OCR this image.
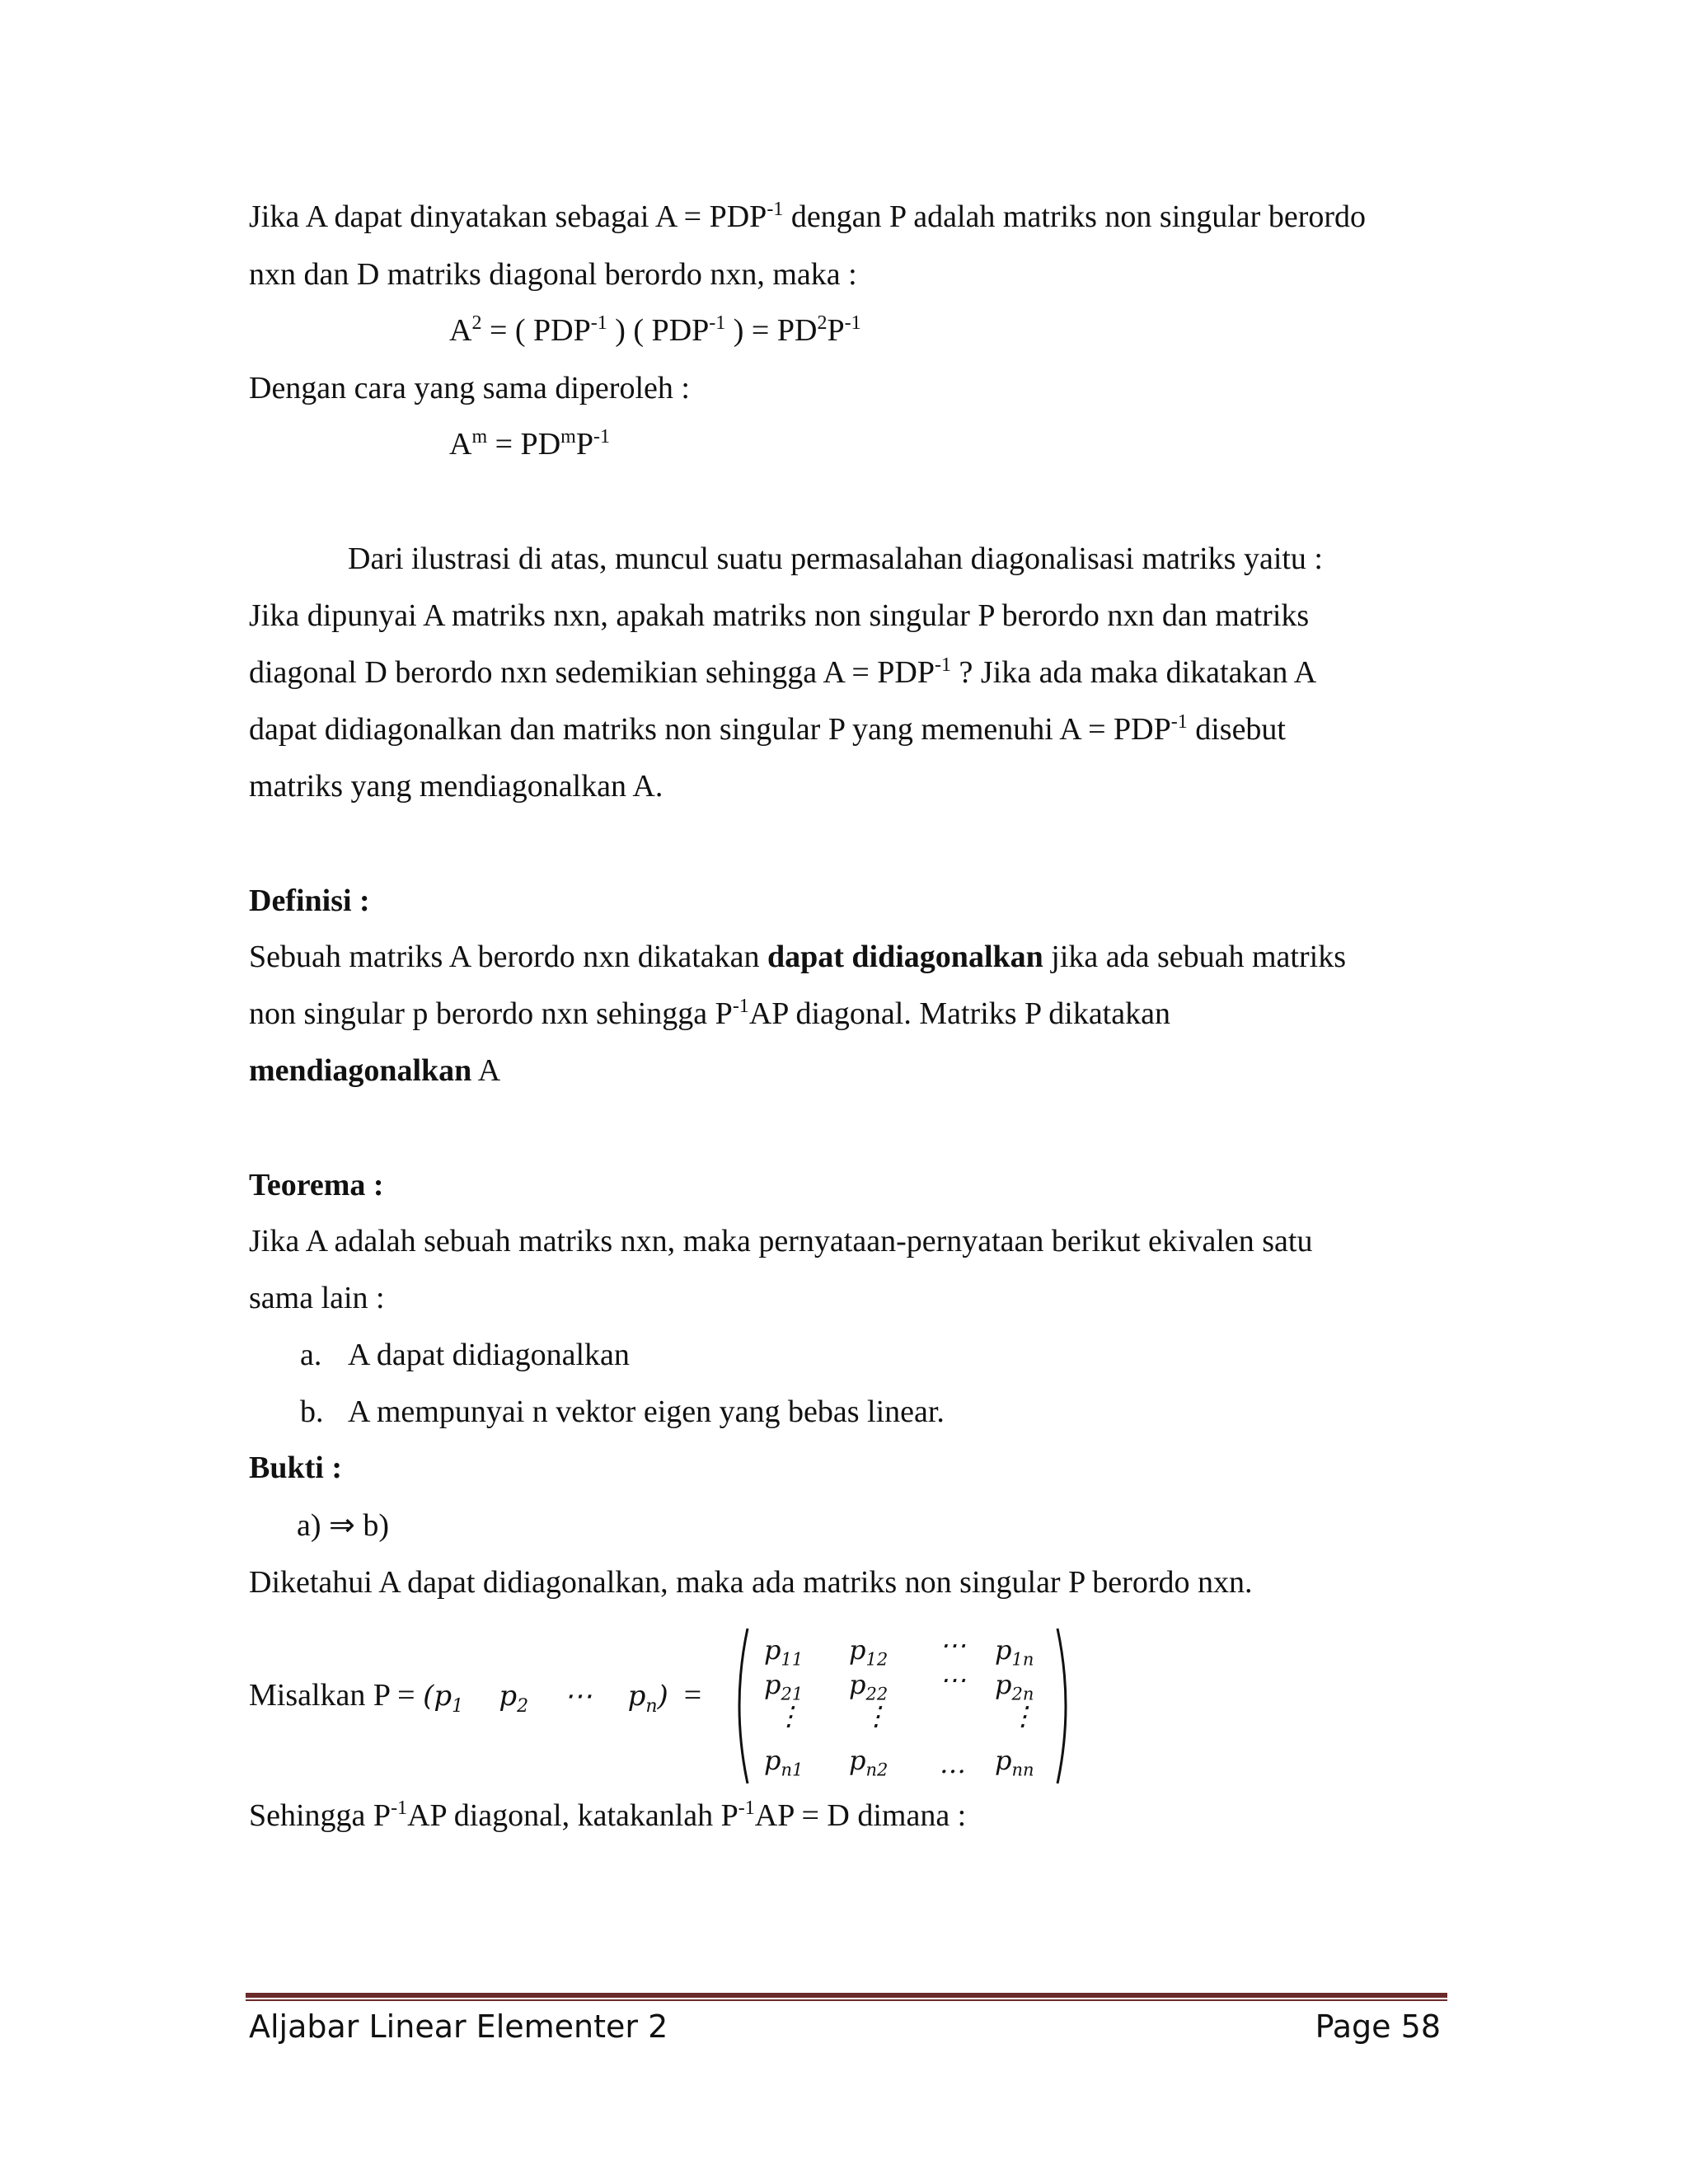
Jika A dapat dinyatakan sebagai $A = PDP^{-1}$ dengan P adalah matriks non singular berordo
nxn dan D matriks diagonal berordo nxn, maka :
$A^2$ = ( $PDP^{-1}$ ) ( $PDP^{-1}$ ) = $PD^2P^{-1}$
Dengan cara yang sama diperoleh :
$A^m = PD^mP^{-1}$
Dari ilustrasi di atas, muncul suatu permasalahan diagonalisasi matriks yaitu :
Jika dipunyai A matriks nxn, apakah matriks non singular P berordo nxn dan matriks
diagonal D berordo nxn sedemikian sehingga $A = PDP^{-1}$ ? Jika ada maka dikatakan A
dapat didiagonalkan dan matriks non singular P yang memenuhi $A = PDP^{-1}$ disebut
matriks yang mendiagonalkan A.
Definisi :
Sebuah matriks A berordo nxn dikatakan dapat didiagonalkan jika ada sebuah matriks
non singular p berordo nxn sehingga $P^{-1}AP$ diagonal. Matriks P dikatakan
mendiagonalkan A
Teorema :
Jika A adalah sebuah matriks nxn, maka pernyataan-pernyataan berikut ekivalen satu
sama lain :
a. A dapat didiagonalkan
b. A mempunyai n vektor eigen yang bebas linear.
Bukti :
a) ⇒ b)
Diketahui A dapat didiagonalkan, maka ada matriks non singular P berordo nxn.
Misalkan $P = (p_1$ $p_2$ ⋯ $p_n$) =
$p_{11}$ $p_{12}$ ⋯ $p_{1n}$
$p_{21}$ $p_{22}$ ⋯ $p_{2n}$
⋮ ⋮	⋮
$p_{n1}$ $p_{n2}$ … $p_{nn}$
Sehingga $P^{-1}AP$ diagonal, katakanlah $P^{-1}AP = D$ dimana :
Aljabar Linear Elementer 2	Page 58
